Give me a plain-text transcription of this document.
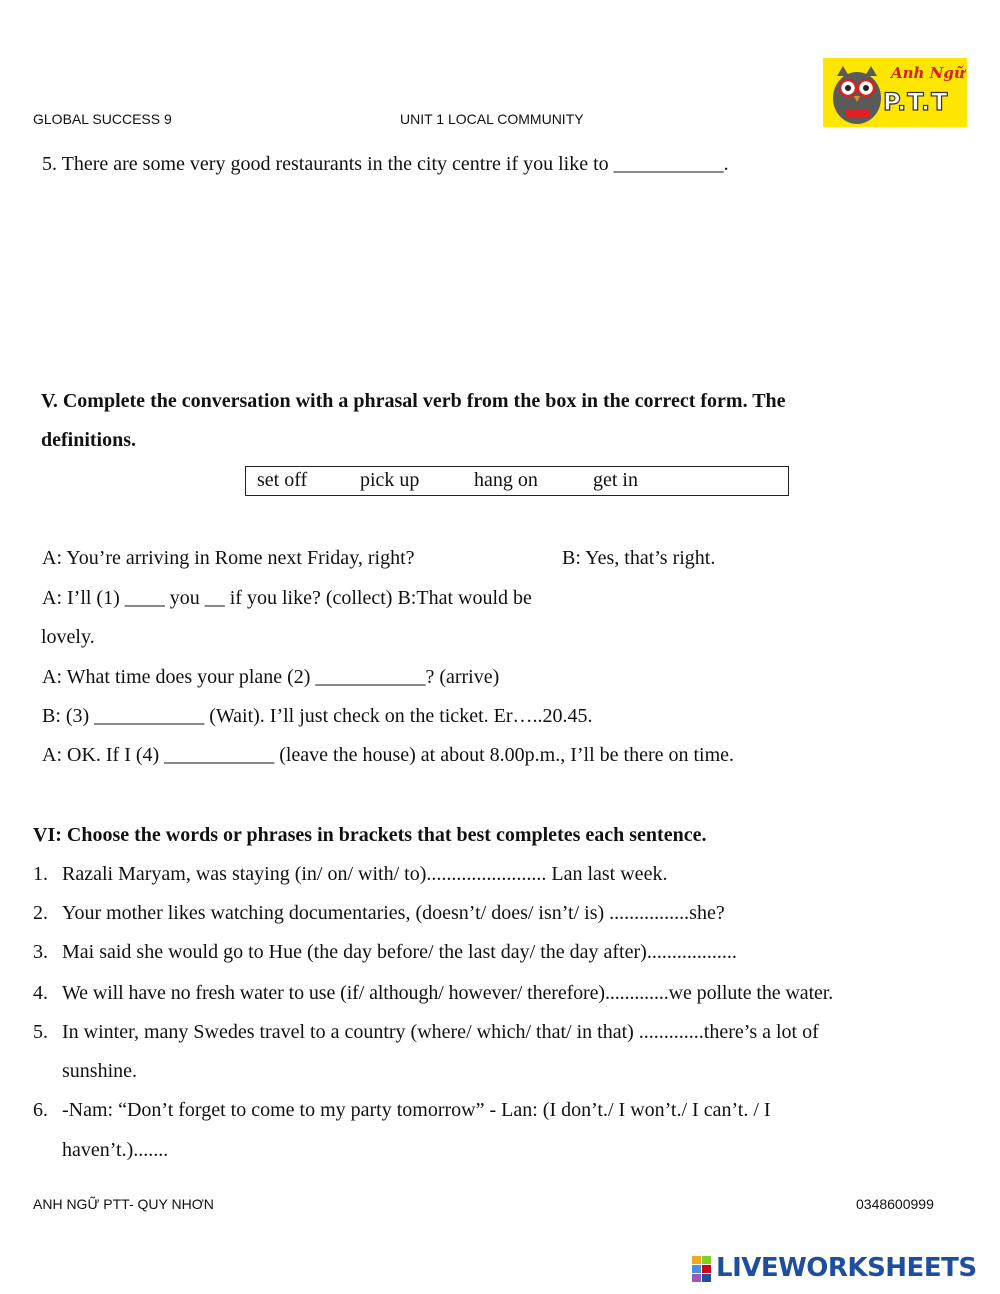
GLOBAL SUCCESS 9	UNIT 1 LOCAL COMMUNITY
Anh Ngữ
P.T.T
5. There are some very good restaurants in the city centre if you like to ___________.
V. Complete the conversation with a phrasal verb from the box in the correct form. The
definitions.
set off	pick up	hang on	get in
A: You’re arriving in Rome next Friday, right?	B: Yes, that’s right.
A: I’ll (1) ____ you __ if you like? (collect) B:That would be
lovely.
A: What time does your plane (2) ___________? (arrive)
B: (3) ___________ (Wait). I’ll just check on the ticket. Er…..20.45.
A: OK. If I (4) ___________ (leave the house) at about 8.00p.m., I’ll be there on time.
VI: Choose the words or phrases in brackets that best completes each sentence.
1. Razali Maryam, was staying (in/ on/ with/ to)........................ Lan last week.
2. Your mother likes watching documentaries, (doesn’t/ does/ isn’t/ is) ................she?
3. Mai said she would go to Hue (the day before/ the last day/ the day after)..................
4. We will have no fresh water to use (if/ although/ however/ therefore).............we pollute the water.
5. In winter, many Swedes travel to a country (where/ which/ that/ in that) .............there’s a lot of
sunshine.
6. -Nam: “Don’t forget to come to my party tomorrow” - Lan: (I don’t./ I won’t./ I can’t. / I
haven’t.).......
ANH NGỮ PTT- QUY NHƠN	0348600999
LIVEWORKSHEETS
